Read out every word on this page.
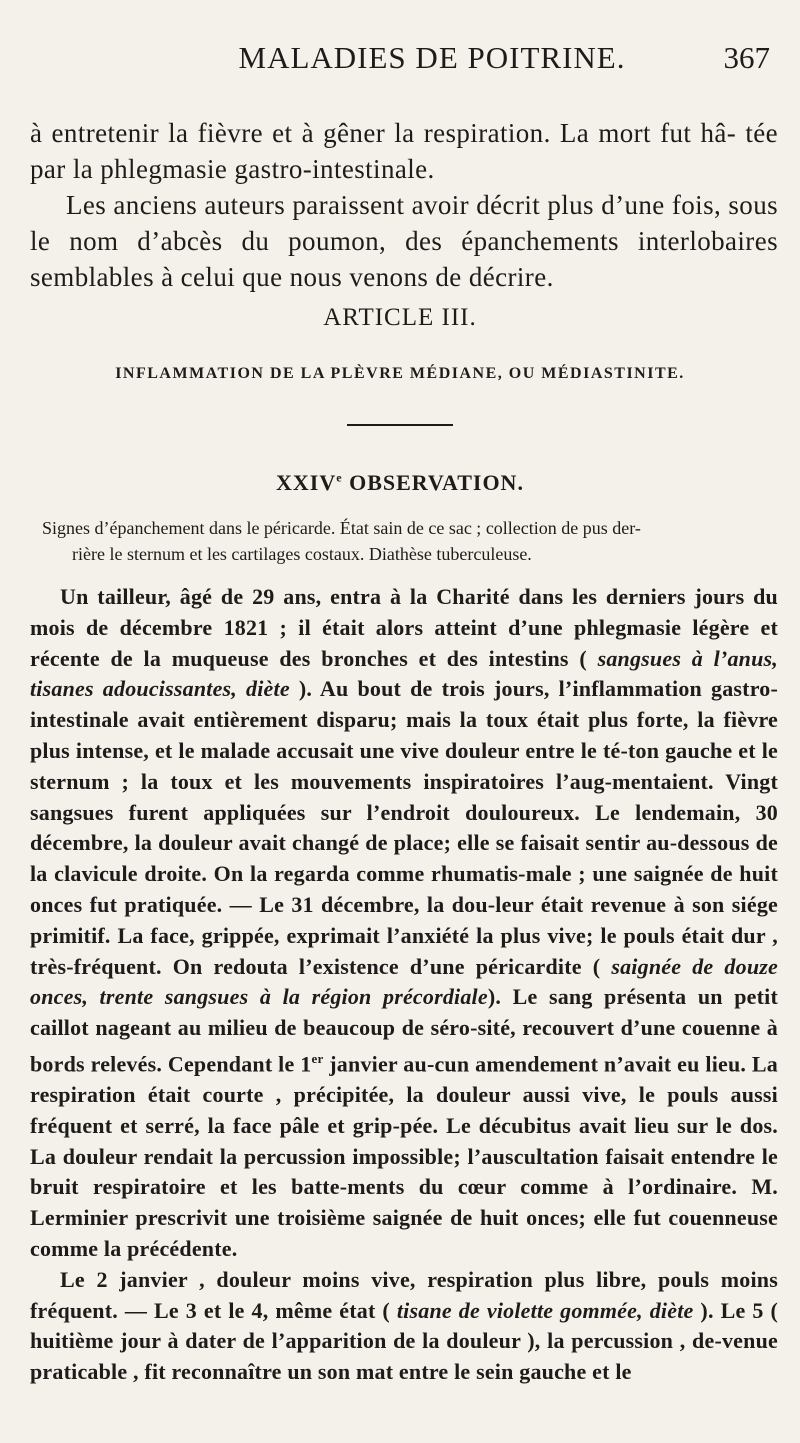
MALADIES DE POITRINE.	367

à entretenir la fièvre et à gêner la respiration. La mort fut hâ- tée par la phlegmasie gastro-intestinale.
Les anciens auteurs paraissent avoir décrit plus d’une fois, sous le nom d’abcès du poumon, des épanchements interlobaires semblables à celui que nous venons de décrire.

ARTICLE III.
INFLAMMATION DE LA PLÈVRE MÉDIANE, OU MÉDIASTINITE.
XXIVe OBSERVATION.

Signes d’épanchement dans le péricarde. État sain de ce sac ; collection de pus der-
rière le sternum et les cartilages costaux. Diathèse tuberculeuse.

Un tailleur, âgé de 29 ans, entra à la Charité dans les derniers jours du mois de décembre 1821 ; il était alors atteint d’une phlegmasie légère et récente de la muqueuse des bronches et des intestins ( sangsues à l’anus, tisanes adoucissantes, diète ). Au bout de trois jours, l’inflammation gastro-intestinale avait entièrement disparu; mais la toux était plus forte, la fièvre plus intense, et le malade accusait une vive douleur entre le té-ton gauche et le sternum ; la toux et les mouvements inspiratoires l’aug-mentaient. Vingt sangsues furent appliquées sur l’endroit douloureux. Le lendemain, 30 décembre, la douleur avait changé de place; elle se faisait sentir au-dessous de la clavicule droite. On la regarda comme rhumatis-male ; une saignée de huit onces fut pratiquée. — Le 31 décembre, la dou-leur était revenue à son siége primitif. La face, grippée, exprimait l’anxiété la plus vive; le pouls était dur , très-fréquent. On redouta l’existence d’une péricardite ( saignée de douze onces, trente sangsues à la région précordiale). Le sang présenta un petit caillot nageant au milieu de beaucoup de séro-sité, recouvert d’une couenne à bords relevés. Cependant le 1er janvier au-cun amendement n’avait eu lieu. La respiration était courte , précipitée, la douleur aussi vive, le pouls aussi fréquent et serré, la face pâle et grip-pée. Le décubitus avait lieu sur le dos. La douleur rendait la percussion impossible; l’auscultation faisait entendre le bruit respiratoire et les batte-ments du cœur comme à l’ordinaire. M. Lerminier prescrivit une troisième saignée de huit onces; elle fut couenneuse comme la précédente.
Le 2 janvier , douleur moins vive, respiration plus libre, pouls moins fréquent. — Le 3 et le 4, même état ( tisane de violette gommée, diète ). Le 5 ( huitième jour à dater de l’apparition de la douleur ), la percussion , de-venue praticable , fit reconnaître un son mat entre le sein gauche et le
